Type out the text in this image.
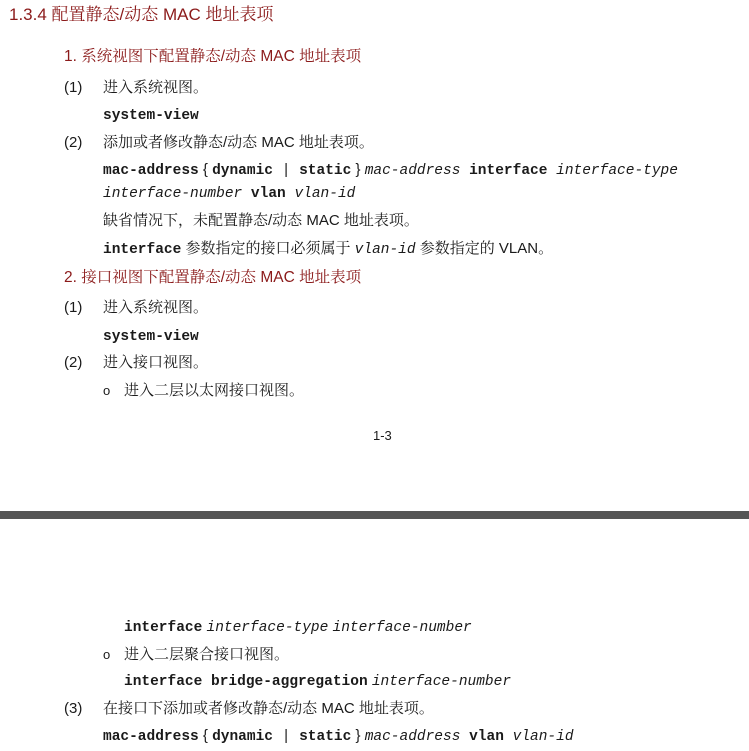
1.3.4 配置静态/动态 MAC 地址表项
1. 系统视图下配置静态/动态 MAC 地址表项
(1) 进入系统视图。
system-view
(2) 添加或者修改静态/动态 MAC 地址表项。
mac-address { dynamic | static } mac-address interface interface-type
interface-number vlan vlan-id
缺省情况下，未配置静态/动态 MAC 地址表项。
interface 参数指定的接口必须属于 vlan-id 参数指定的 VLAN。
2. 接口视图下配置静态/动态 MAC 地址表项
(1) 进入系统视图。
system-view
(2) 进入接口视图。
o 进入二层以太网接口视图。
1-3
interface interface-type interface-number
o 进入二层聚合接口视图。
interface bridge-aggregation interface-number
(3) 在接口下添加或者修改静态/动态 MAC 地址表项。
mac-address { dynamic | static } mac-address vlan vlan-id
